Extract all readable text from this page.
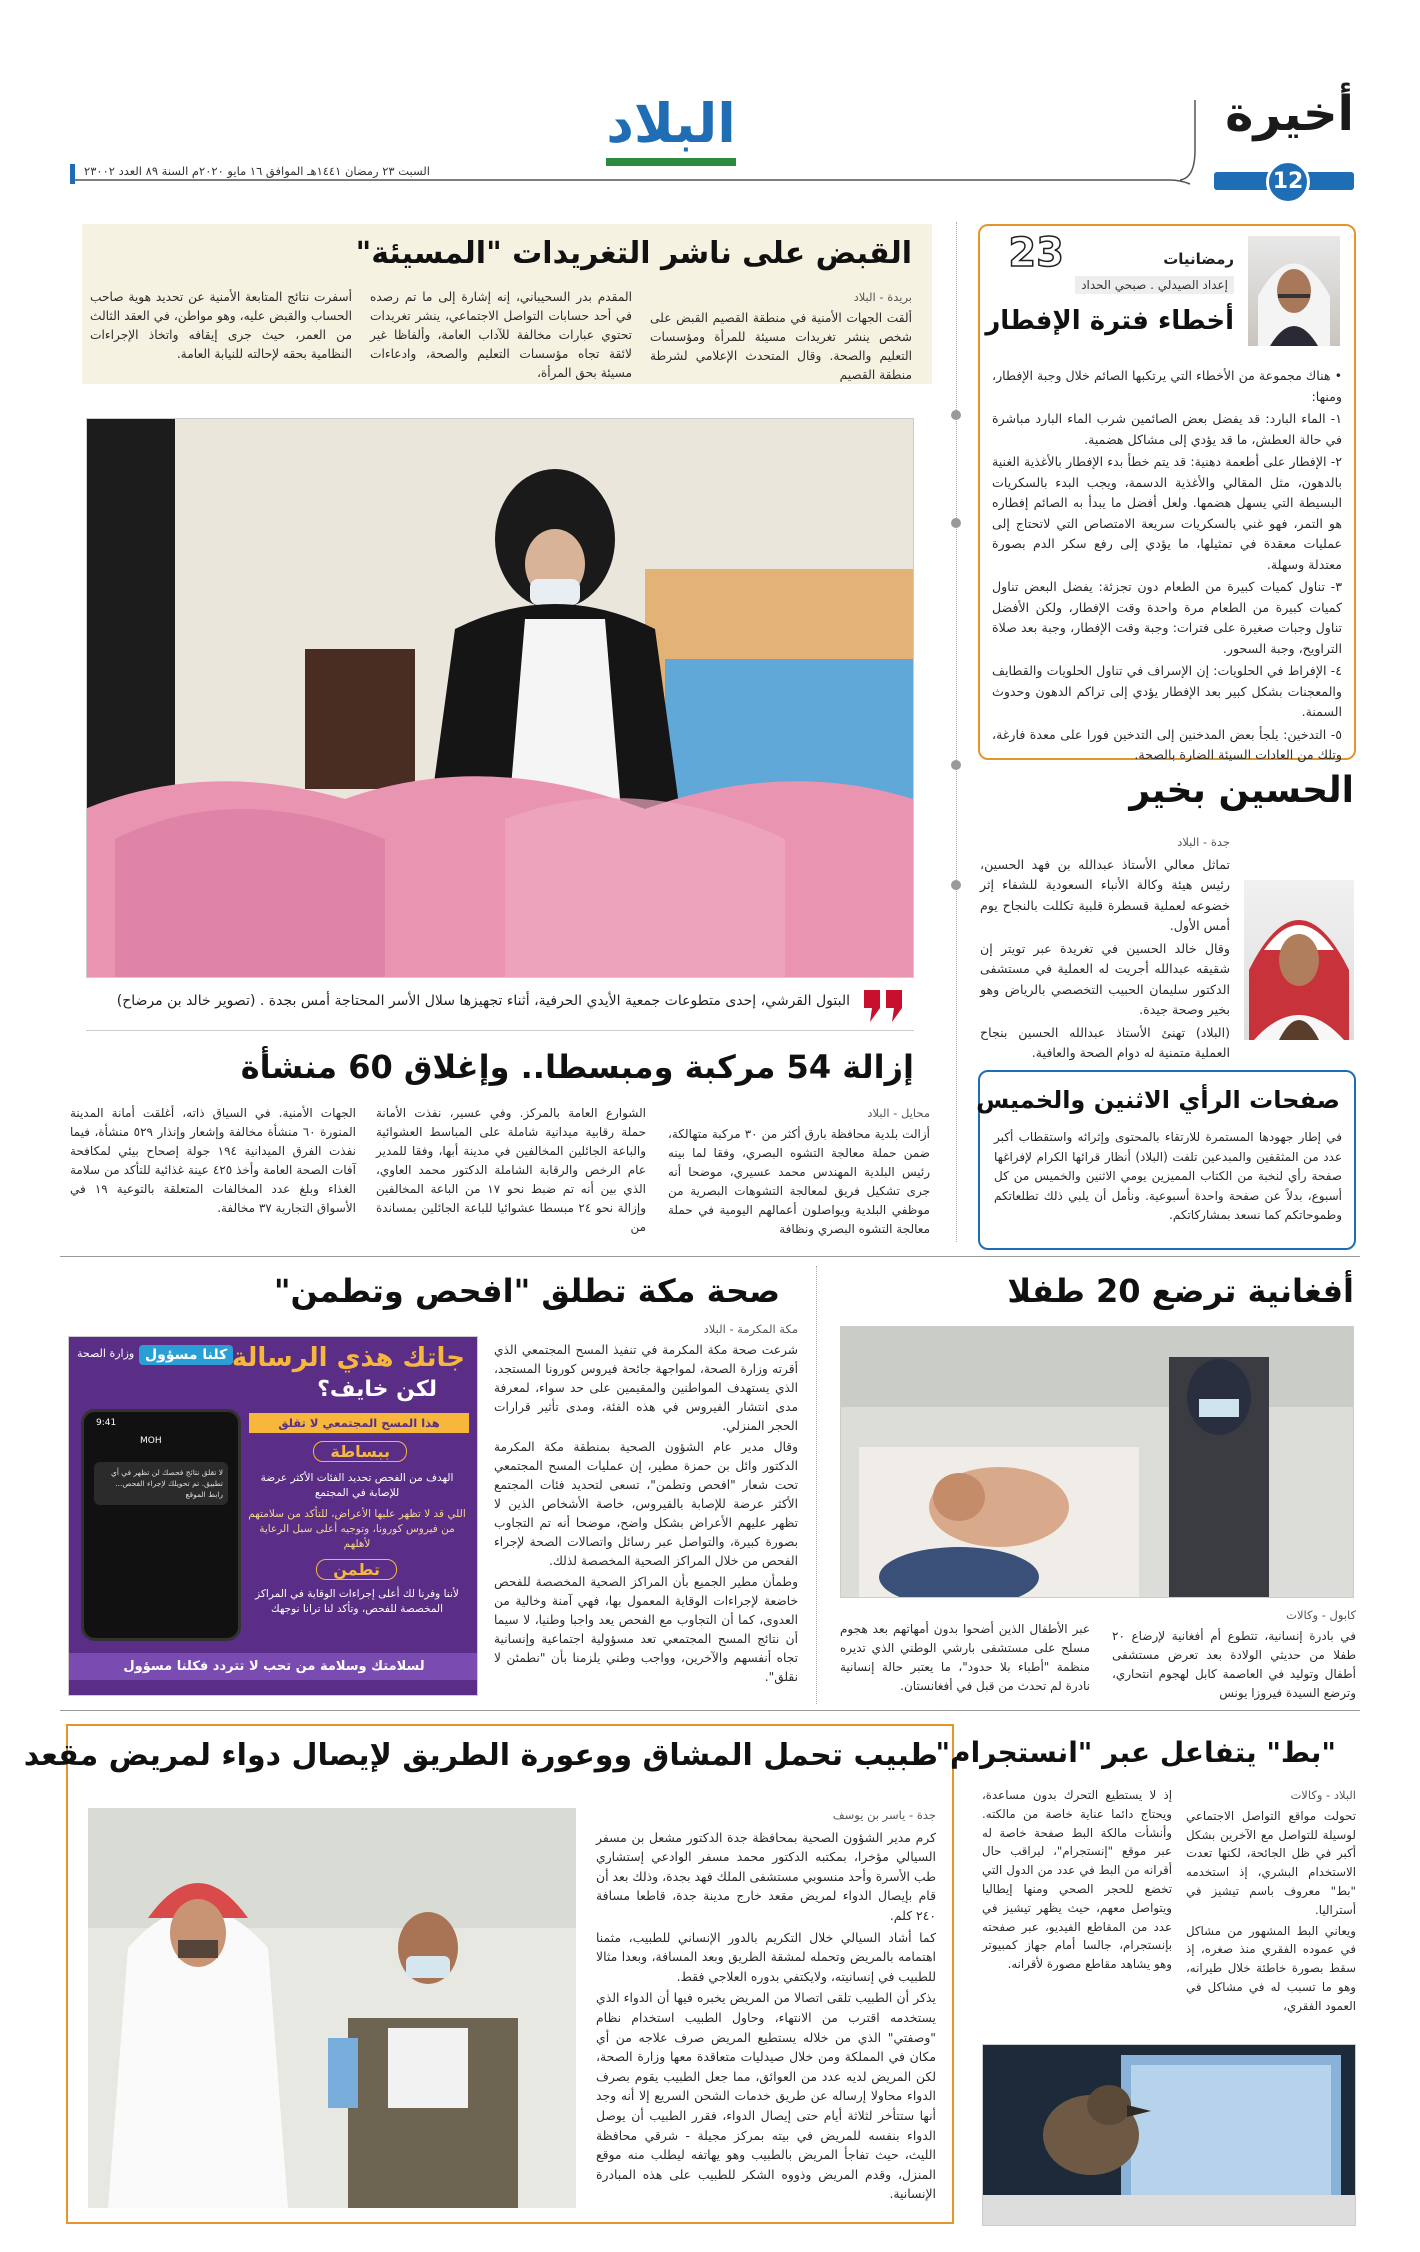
أخيرة
12
البلاد
السبت ٢٣ رمضان ١٤٤١هـ الموافق ١٦ مايو ٢٠٢٠م السنة ٨٩ العدد ٢٣٠٠٢
رمضانيات
23
إعداد الصيدلي . صبحي الحداد
أخطاء فترة الإفطار

• هناك مجموعة من الأخطاء التي يرتكبها الصائم خلال وجبة الإفطار، ومنها:

١- الماء البارد: قد يفضل بعض الصائمين شرب الماء البارد مباشرة في حالة العطش، ما قد يؤدي إلى مشاكل هضمية.

٢- الإفطار على أطعمة دهنية: قد يتم خطأ بدء الإفطار بالأغذية الغنية بالدهون، مثل المقالي والأغذية الدسمة، ويجب البدء بالسكريات البسيطة التي يسهل هضمها. ولعل أفضل ما يبدأ به الصائم إفطاره هو التمر، فهو غني بالسكريات سريعة الامتصاص التي لاتحتاج إلى عمليات معقدة في تمثيلها، ما يؤدي إلى رفع سكر الدم بصورة معتدلة وسهلة.

٣- تناول كميات كبيرة من الطعام دون تجزئة: يفضل البعض تناول كميات كبيرة من الطعام مرة واحدة وقت الإفطار، ولكن الأفضل تناول وجبات صغيرة على فترات: وجبة وقت الإفطار، وجبة بعد صلاة التراويح، وجبة السحور.

٤- الإفراط في الحلويات: إن الإسراف في تناول الحلويات والقطايف والمعجنات بشكل كبير بعد الإفطار يؤدي إلى تراكم الدهون وحدوث السمنة.

٥- التدخين: يلجأ بعض المدخنين إلى التدخين فورا على معدة فارغة، وتلك من العادات السيئة الضارة بالصحة.

الحسين بخير
جدة - البلاد

تماثل معالي الأستاذ عبدالله بن فهد الحسين، رئيس هيئة وكالة الأنباء السعودية للشفاء إثر خضوعه لعملية قسطرة قلبية تكللت بالنجاح يوم أمس الأول.

وقال خالد الحسين في تغريدة عبر تويتر إن شقيقه عبدالله أجريت له العملية في مستشفى الدكتور سليمان الحبيب التخصصي بالرياض وهو بخير وصحة جيدة.

(البلاد) تهنئ الأستاذ عبدالله الحسين بنجاح العملية متمنية له دوام الصحة والعافية.

صفحات الرأي الاثنين والخميس
في إطار جهودها المستمرة للارتقاء بالمحتوى وإثرائه واستقطاب أكبر عدد من المثقفين والمبدعين تلفت (البلاد) أنظار قرائها الكرام لإفراغها صفحة رأي لنخبة من الكتاب المميزين يومي الاثنين والخميس من كل أسبوع، بدلاً عن صفحة واحدة أسبوعية. ونأمل أن يلبي ذلك تطلعاتكم وطموحاتكم كما نسعد بمشاركاتكم.
القبض على ناشر التغريدات "المسيئة"
بريدة - البلاد

ألقت الجهات الأمنية في منطقة القصيم القبض على شخص ينشر تغريدات مسيئة للمرأة ومؤسسات التعليم والصحة. وقال المتحدث الإعلامي لشرطة منطقة القصيم

المقدم بدر السحيباني، إنه إشارة إلى ما تم رصده في أحد حسابات التواصل الاجتماعي، ينشر تغريدات تحتوي عبارات مخالفة للآداب العامة، وألفاظا غير لائقة تجاه مؤسسات التعليم والصحة، وادعاءات مسيئة بحق المرأة،

أسفرت نتائج المتابعة الأمنية عن تحديد هوية صاحب الحساب والقبض عليه، وهو مواطن، في العقد الثالث من العمر، حيث جرى إيقافه واتخاذ الإجراءات النظامية بحقه لإحالته للنيابة العامة.

البتول القرشي، إحدى متطوعات جمعية الأيدي الحرفية، أثناء تجهيزها سلال الأسر المحتاجة أمس بجدة . (تصوير خالد بن مرضاح)
إزالة 54 مركبة ومبسطا.. وإغلاق 60 منشأة
محايل - البلاد

أزالت بلدية محافظة بارق أكثر من ٣٠ مركبة متهالكة، ضمن حملة معالجة التشوه البصري، وفقا لما بينه رئيس البلدية المهندس محمد عسيري، موضحا أنه جرى تشكيل فريق لمعالجة التشوهات البصرية من موظفي البلدية ويواصلون أعمالهم اليومية في حملة معالجة التشوه البصري ونظافة

الشوارع العامة بالمركز. وفي عسير، نفذت الأمانة حملة رقابية ميدانية شاملة على المباسط العشوائية والباعة الجائلين المخالفين في مدينة أبها، وفقا للمدير عام الرخص والرقابة الشاملة الدكتور محمد العاوي، الذي بين أنه تم ضبط نحو ١٧ من الباعة المخالفين وإزالة نحو ٢٤ مبسطا عشوائيا للباعة الجائلين بمساندة من

الجهات الأمنية. في السياق ذاته، أغلقت أمانة المدينة المنورة ٦٠ منشأة مخالفة وإشعار وإنذار ٥٢٩ منشأة، فيما نفذت الفرق الميدانية ١٩٤ جولة إصحاح بيئي لمكافحة آفات الصحة العامة وأخذ ٤٢٥ عينة غذائية للتأكد من سلامة الغذاء وبلغ عدد المخالفات المتعلقة بالتوعية ١٩ في الأسواق التجارية ٣٧ مخالفة.

أفغانية ترضع 20 طفلا
كابول - وكالات

في بادرة إنسانية، تتطوع أم أفغانية لإرضاع ٢٠ طفلا من حديثي الولادة بعد تعرض مستشفى أطفال وتوليد في العاصمة كابل لهجوم انتحاري، وترضع السيدة فيروزا يونس

عبر الأطفال الذين أضحوا بدون أمهاتهم بعد هجوم مسلح على مستشفى بارشي الوطني الذي تديره منظمة "أطباء بلا حدود"، ما يعتبر حالة إنسانية نادرة لم تحدث من قبل في أفغانستان.

صحة مكة تطلق "افحص وتطمن"
مكة المكرمة - البلاد

شرعت صحة مكة المكرمة في تنفيذ المسح المجتمعي الذي أقرته وزارة الصحة، لمواجهة جائحة فيروس كورونا المستجد، الذي يستهدف المواطنين والمقيمين على حد سواء، لمعرفة مدى انتشار الفيروس في هذه الفئة، ومدى تأثير قرارات الحجر المنزلي.

وقال مدير عام الشؤون الصحية بمنطقة مكة المكرمة الدكتور وائل بن حمزة مطير، إن عمليات المسح المجتمعي تحت شعار "افحص وتطمن"، تسعى لتحديد فئات المجتمع الأكثر عرضة للإصابة بالفيروس، خاصة الأشخاص الذين لا تظهر عليهم الأعراض بشكل واضح، موضحا أنه تم التجاوب بصورة كبيرة، والتواصل عبر رسائل واتصالات الصحة لإجراء الفحص من خلال المراكز الصحية المخصصة لذلك.

وطمأن مطير الجميع بأن المراكز الصحية المخصصة للفحص خاضعة لإجراءات الوقاية المعمول بها، فهي آمنة وخالية من العدوى، كما أن التجاوب مع الفحص يعد واجبا وطنيا، لا سيما أن نتائج المسح المجتمعي تعد مسؤولية اجتماعية وإنسانية تجاه أنفسهم والآخرين، وواجب وطني يلزمنا بأن "نطمئن لا نقلق".

وزارة الصحة كلنا مسؤول جاتك هذي الرسالة
لكن خايف؟
هذا المسح المجتمعي لا تقلق
9:41
MOH
لا تقلق نتائج فحصك لن تظهر في أي تطبيق. تم تحويلك لإجراء الفحص... رابط الموقع
ببساطة
الهدف من الفحص تحديد الفئات الأكثر عرضة للإصابة في المجتمع
اللي قد لا تظهر عليها الأعراض، للتأكد من سلامتهم من فيروس كورونا، وتوجيه أعلى سبل الرعاية لأهلهم
تطمن
لأننا وفرنا لك أعلى إجراءات الوقاية في المراكز المخصصة للفحص، وتأكد لنا ترانا نوجهك
لسلامتك وسلامة من تحب لا تتردد فكلنا مسؤول
طبيب تحمل المشاق ووعورة الطريق لإيصال دواء لمريض مقعد
جدة - ياسر بن يوسف

كرم مدير الشؤون الصحية بمحافظة جدة الدكتور مشعل بن مسفر السيالي مؤخرا، بمكتبه الدكتور محمد مسفر الوادعي إستشاري طب الأسرة وأحد منسوبي مستشفى الملك فهد بجدة، وذلك بعد أن قام بإيصال الدواء لمريض مقعد خارج مدينة جدة، قاطعا مسافة ٢٤٠ كلم.

كما أشاد السيالي خلال التكريم بالدور الإنساني للطبيب، مثمنا اهتمامه بالمريض وتحمله لمشقة الطريق وبعد المسافة، وبعدا مثالا للطبيب في إنسانيته، ولايكتفي بدوره العلاجي فقط.

يذكر أن الطبيب تلقى اتصالا من المريض يخبره فيها أن الدواء الذي يستخدمه اقترب من الانتهاء، وحاول الطبيب استخدام نظام "وصفتي" الذي من خلاله يستطيع المريض صرف علاجه من أي مكان في المملكة ومن خلال صيدليات متعاقدة معها وزارة الصحة، لكن المريض لديه عدد من العوائق، مما جعل الطبيب يقوم بصرف الدواء محاولا إرساله عن طريق خدمات الشحن السريع إلا أنه وجد أنها ستتأخر لثلاثة أيام حتى إيصال الدواء، فقرر الطبيب أن يوصل الدواء بنفسه للمريض في بيته بمركز مجيلة - شرقي محافظة الليث، حيث تفاجأ المريض بالطبيب وهو يهاتفه ليطلب منه موقع المنزل، وقدم المريض وذووه الشكر للطبيب على هذه المبادرة الإنسانية.

"بط" يتفاعل عبر "انستجرام"
البلاد - وكالات

تحولت مواقع التواصل الاجتماعي لوسيلة للتواصل مع الآخرين بشكل أكبر في ظل الجائحة، لكنها تعدت الاستخدام البشري، إذ استخدمه "بط" معروف باسم تيشيز في أستراليا.

ويعاني البط المشهور من مشاكل في عموده الفقري منذ صغره، إذ سقط بصورة خاطئة خلال طيرانه، وهو ما تسبب له في مشاكل في العمود الفقري،

إذ لا يستطيع التحرك بدون مساعدة، ويحتاج دائما عناية خاصة من مالكته. وأنشأت مالكة البط صفحة خاصة له عبر موقع "إنستجرام"، ليراقب حال أقرانه من البط في عدد من الدول التي تخضع للحجر الصحي ومنها إيطاليا ويتواصل معهم، حيث يظهر تيشيز في عدد من المقاطع الفيديو، عبر صفحته بإنستجرام، جالسا أمام جهاز كمبيوتر وهو يشاهد مقاطع مصورة لأقرانه.
